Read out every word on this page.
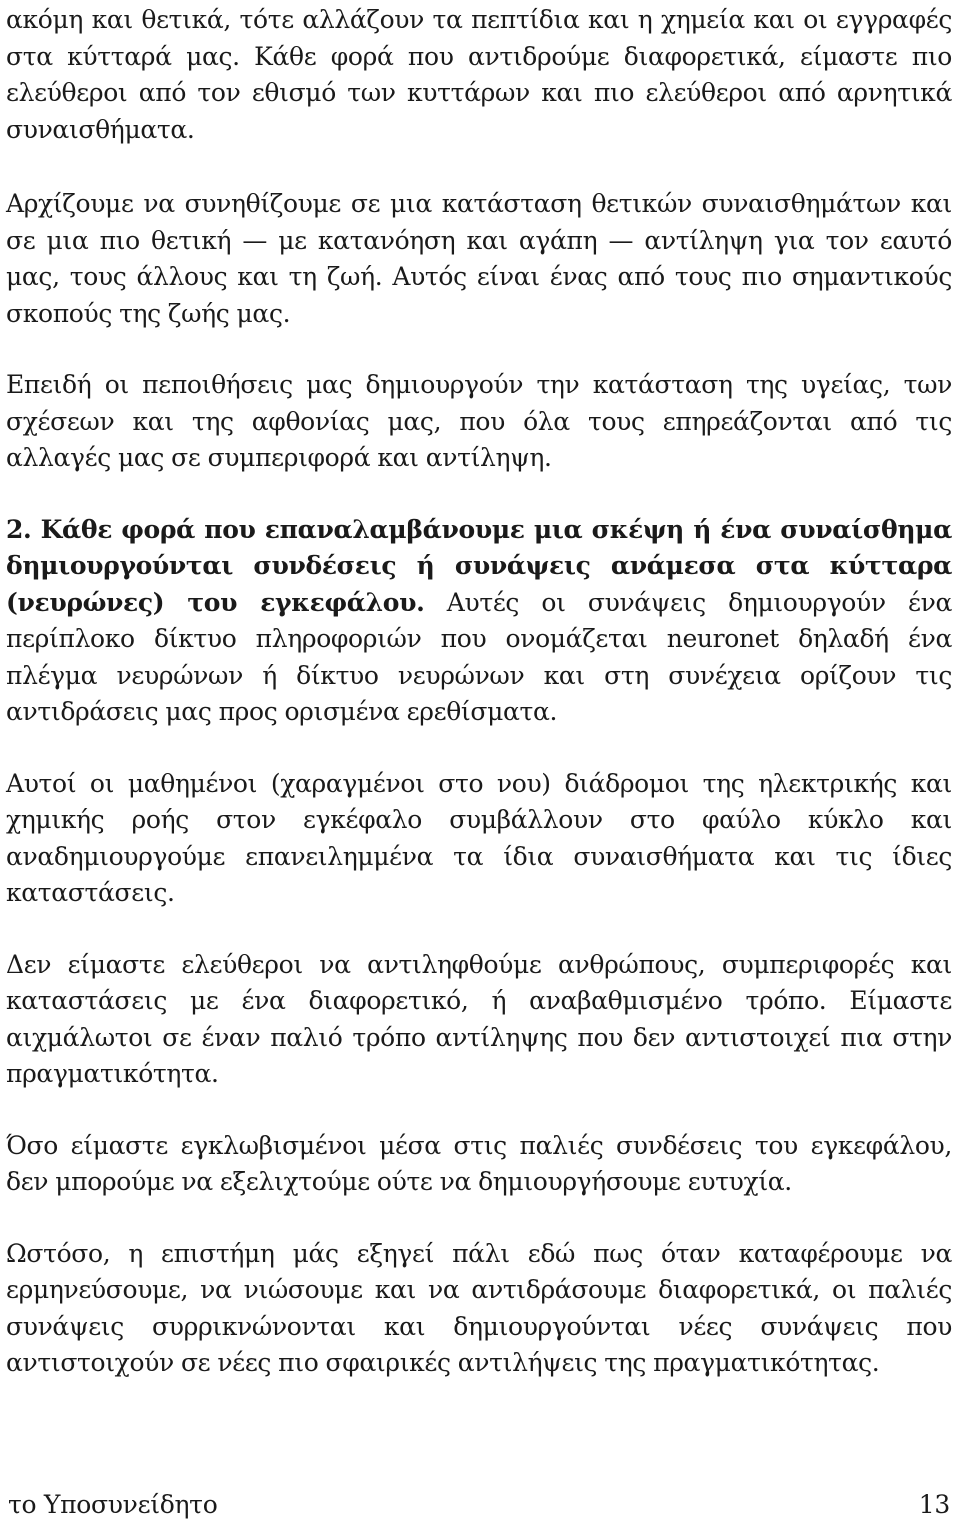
ακόμη και θετικά, τότε αλλάζουν τα πεπτίδια και η χημεία και οι εγγραφές στα κύτταρά μας. Κάθε φορά που αντιδρούμε διαφορετικά, είμαστε πιο ελεύθεροι από τον εθισμό των κυττάρων και πιο ελεύθεροι από αρνητικά συναισθήματα.

Αρχίζουμε να συνηθίζουμε σε μια κατάσταση θετικών συναισθημάτων και σε μια πιο θετική — με κατανόηση και αγάπη — αντίληψη για τον εαυτό μας, τους άλλους και τη ζωή. Αυτός είναι ένας από τους πιο σημαντικούς σκοπούς της ζωής μας.

Επειδή οι πεποιθήσεις μας δημιουργούν την κατάσταση της υγείας, των σχέσεων και της αφθονίας μας, που όλα τους επηρεάζονται από τις αλλαγές μας σε συμπεριφορά και αντίληψη.

2. Κάθε φορά που επαναλαμβάνουμε μια σκέψη ή ένα συναίσθημα δημιουργούνται συνδέσεις ή συνάψεις ανάμεσα στα κύτταρα (νευρώνες) του εγκεφάλου. Αυτές οι συνάψεις δημιουργούν ένα περίπλοκο δίκτυο πληροφοριών που ονομάζεται neuronet δηλαδή ένα πλέγμα νευρώνων ή δίκτυο νευρώνων και στη συνέχεια ορίζουν τις αντιδράσεις μας προς ορισμένα ερεθίσματα.

Αυτοί οι μαθημένοι (χαραγμένοι στο νου) διάδρομοι της ηλεκτρικής και χημικής ροής στον εγκέφαλο συμβάλλουν στο φαύλο κύκλο και αναδημιουργούμε επανειλημμένα τα ίδια συναισθήματα και τις ίδιες καταστάσεις.

Δεν είμαστε ελεύθεροι να αντιληφθούμε ανθρώπους, συμπεριφορές και καταστάσεις με ένα διαφορετικό, ή αναβαθμισμένο τρόπο. Είμαστε αιχμάλωτοι σε έναν παλιό τρόπο αντίληψης που δεν αντιστοιχεί πια στην πραγματικότητα.

Όσο είμαστε εγκλωβισμένοι μέσα στις παλιές συνδέσεις του εγκεφάλου, δεν μπορούμε να εξελιχτούμε ούτε να δημιουργήσουμε ευτυχία.

Ωστόσο, η επιστήμη μάς εξηγεί πάλι εδώ πως όταν καταφέρουμε να ερμηνεύσουμε, να νιώσουμε και να αντιδράσουμε διαφορετικά, οι παλιές συνάψεις συρρικνώνονται και δημιουργούνται νέες συνάψεις που αντιστοιχούν σε νέες πιο σφαιρικές αντιλήψεις της πραγματικότητας.

το Υποσυνείδητο	13
